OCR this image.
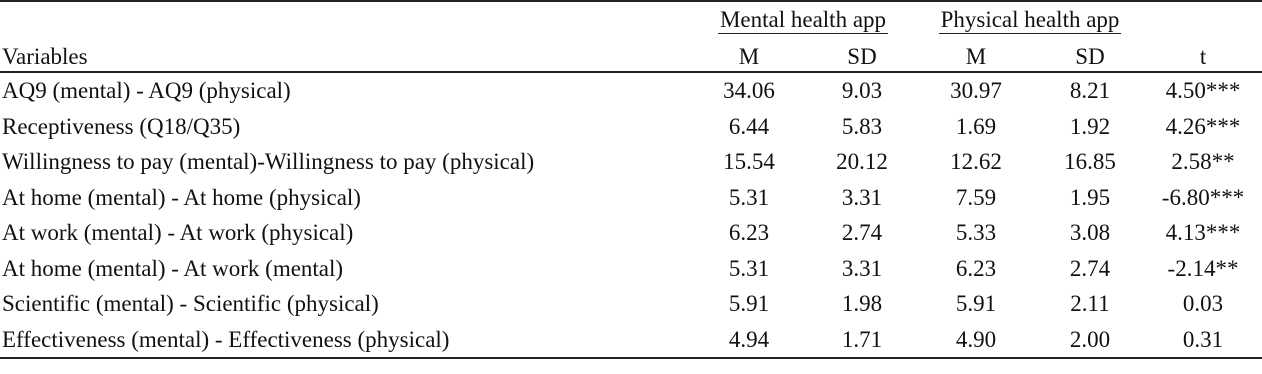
	Mental health app		Physical health app		
Variables	M	SD	M	SD	t
AQ9 (mental) - AQ9 (physical)	34.06	9.03	30.97	8.21	4.50***
Receptiveness (Q18/Q35)	6.44	5.83	1.69	1.92	4.26***
Willingness to pay (mental)-Willingness to pay (physical)	15.54	20.12	12.62	16.85	2.58**
At home (mental) - At home (physical)	5.31	3.31	7.59	1.95	-6.80***
At work (mental) - At work (physical)	6.23	2.74	5.33	3.08	4.13***
At home (mental) - At work (mental)	5.31	3.31	6.23	2.74	-2.14**
Scientific (mental) - Scientific (physical)	5.91	1.98	5.91	2.11	0.03
Effectiveness (mental) - Effectiveness (physical)	4.94	1.71	4.90	2.00	0.31
